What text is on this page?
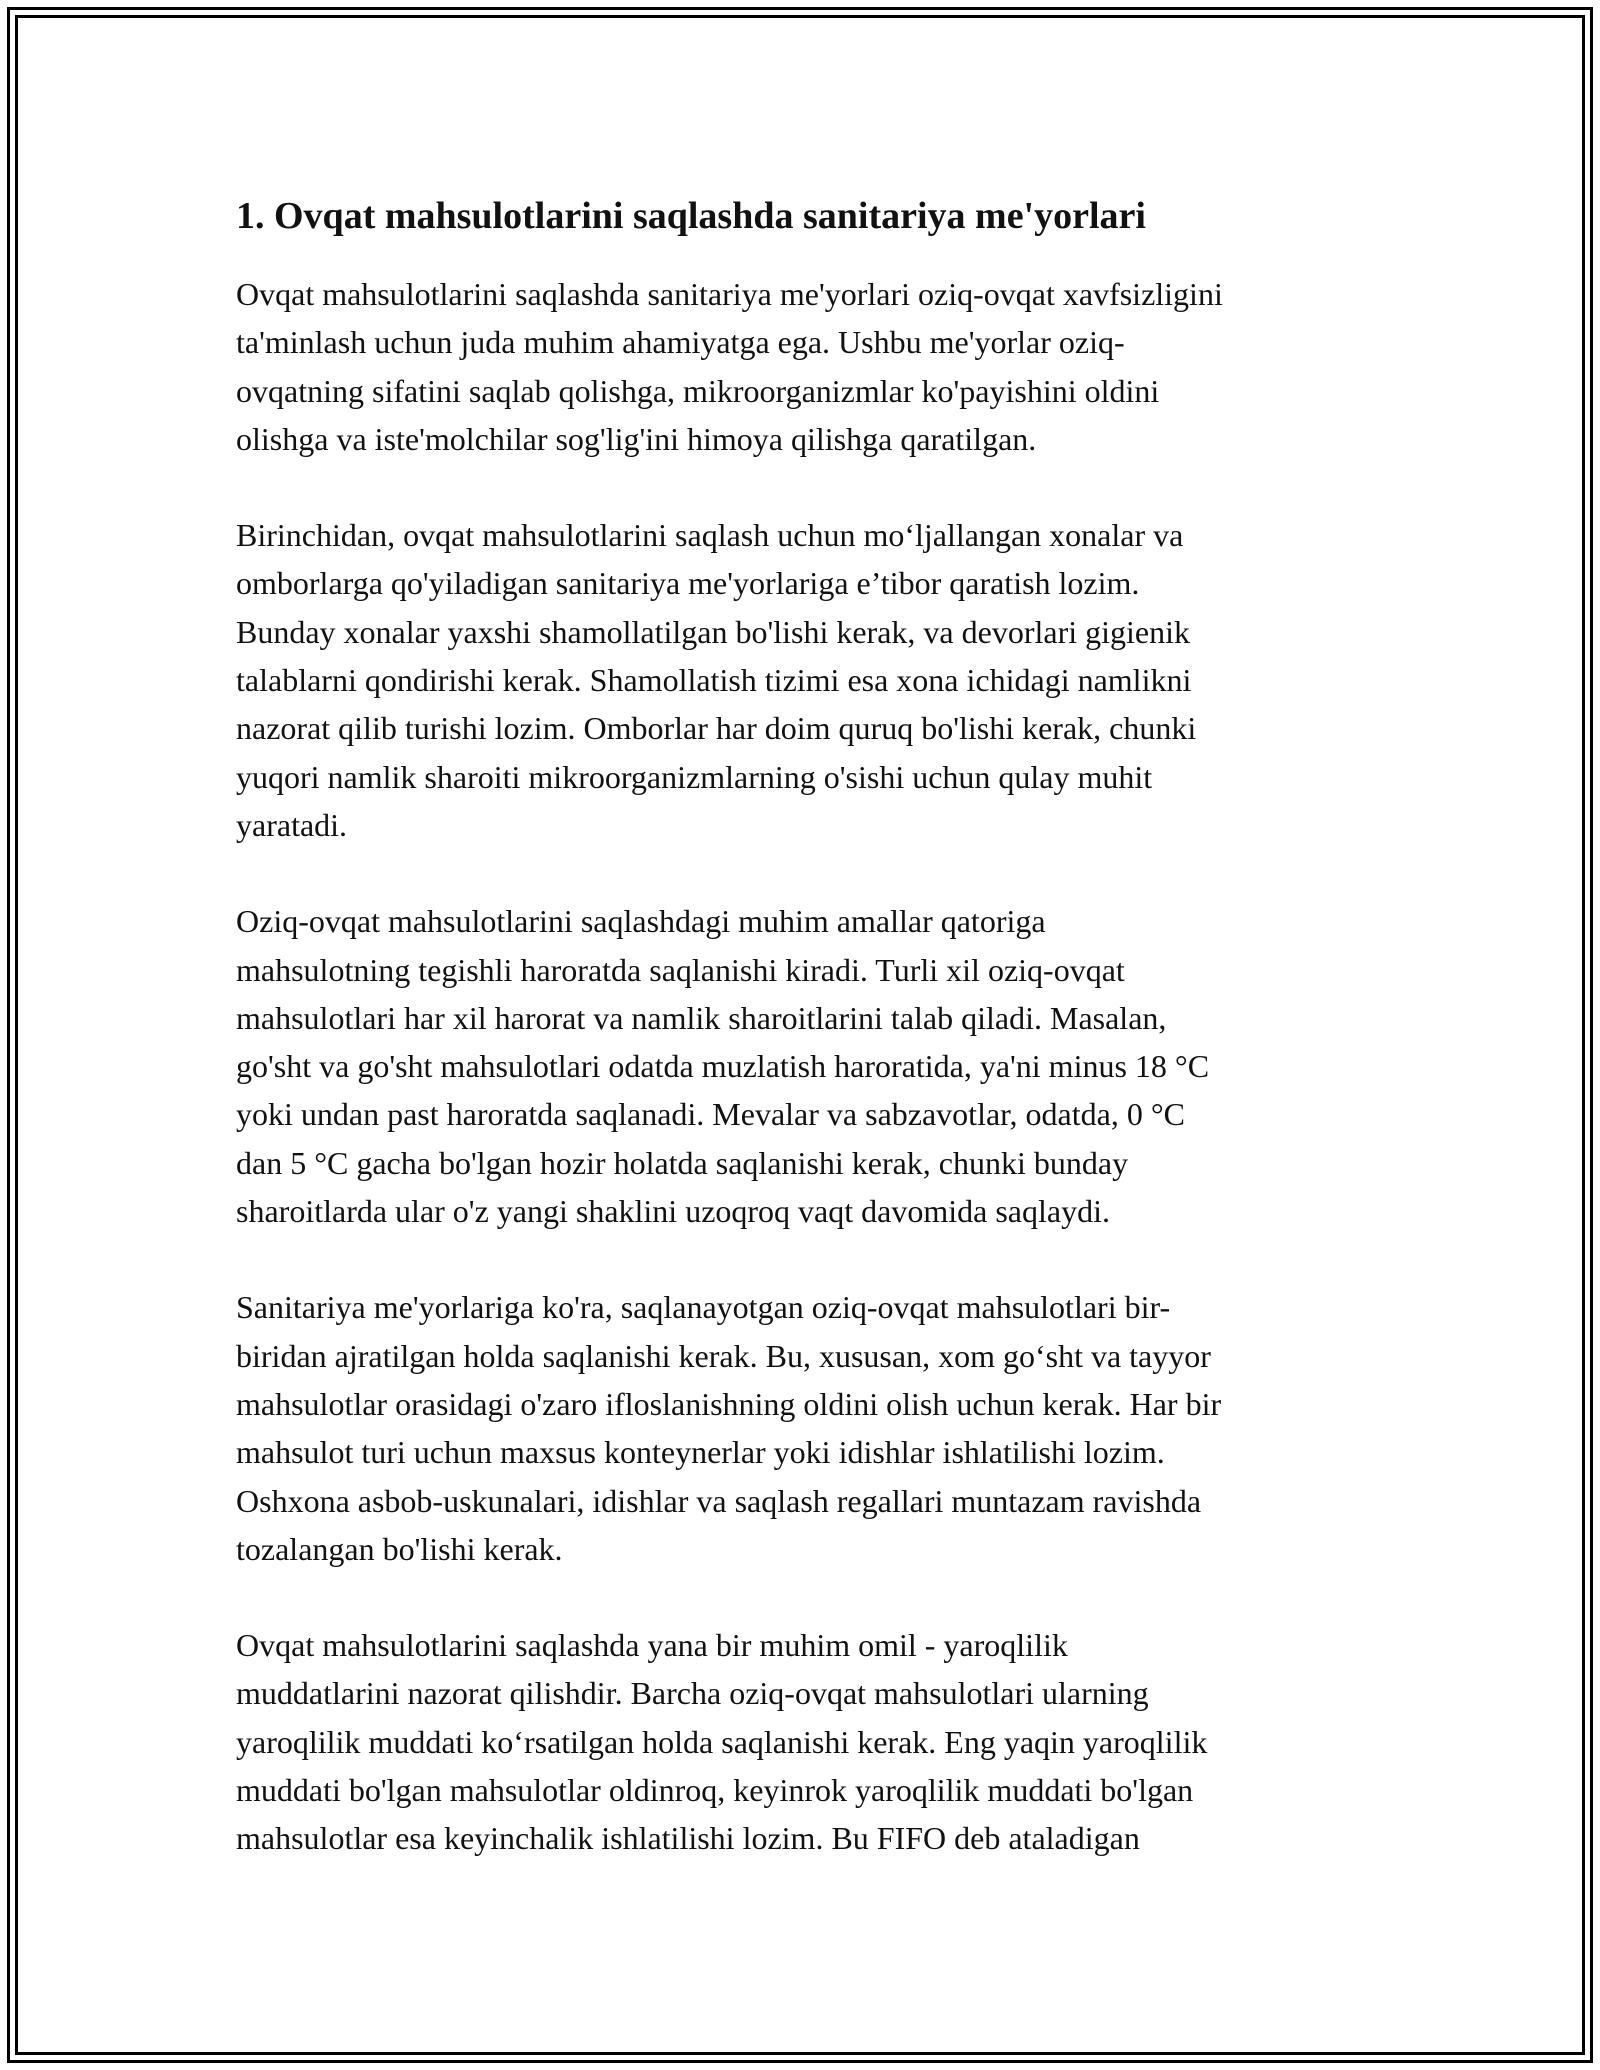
1. Ovqat mahsulotlarini saqlashda sanitariya me'yorlari
Ovqat mahsulotlarini saqlashda sanitariya me'yorlari oziq-ovqat xavfsizligini
ta'minlash uchun juda muhim ahamiyatga ega. Ushbu me'yorlar oziq-
ovqatning sifatini saqlab qolishga, mikroorganizmlar ko'payishini oldini
olishga va iste'molchilar sog'lig'ini himoya qilishga qaratilgan.
Birinchidan, ovqat mahsulotlarini saqlash uchun mo‘ljallangan xonalar va
omborlarga qo'yiladigan sanitariya me'yorlariga e’tibor qaratish lozim.
Bunday xonalar yaxshi shamollatilgan bo'lishi kerak, va devorlari gigienik
talablarni qondirishi kerak. Shamollatish tizimi esa xona ichidagi namlikni
nazorat qilib turishi lozim. Omborlar har doim quruq bo'lishi kerak, chunki
yuqori namlik sharoiti mikroorganizmlarning o'sishi uchun qulay muhit
yaratadi.
Oziq-ovqat mahsulotlarini saqlashdagi muhim amallar qatoriga
mahsulotning tegishli haroratda saqlanishi kiradi. Turli xil oziq-ovqat
mahsulotlari har xil harorat va namlik sharoitlarini talab qiladi. Masalan,
go'sht va go'sht mahsulotlari odatda muzlatish haroratida, ya'ni minus 18 °C
yoki undan past haroratda saqlanadi. Mevalar va sabzavotlar, odatda, 0 °C
dan 5 °C gacha bo'lgan hozir holatda saqlanishi kerak, chunki bunday
sharoitlarda ular o'z yangi shaklini uzoqroq vaqt davomida saqlaydi.
Sanitariya me'yorlariga ko'ra, saqlanayotgan oziq-ovqat mahsulotlari bir-
biridan ajratilgan holda saqlanishi kerak. Bu, xususan, xom go‘sht va tayyor
mahsulotlar orasidagi o'zaro ifloslanishning oldini olish uchun kerak. Har bir
mahsulot turi uchun maxsus konteynerlar yoki idishlar ishlatilishi lozim.
Oshxona asbob-uskunalari, idishlar va saqlash regallari muntazam ravishda
tozalangan bo'lishi kerak.
Ovqat mahsulotlarini saqlashda yana bir muhim omil - yaroqlilik
muddatlarini nazorat qilishdir. Barcha oziq-ovqat mahsulotlari ularning
yaroqlilik muddati ko‘rsatilgan holda saqlanishi kerak. Eng yaqin yaroqlilik
muddati bo'lgan mahsulotlar oldinroq, keyinrok yaroqlilik muddati bo'lgan
mahsulotlar esa keyinchalik ishlatilishi lozim. Bu FIFO deb ataladigan
